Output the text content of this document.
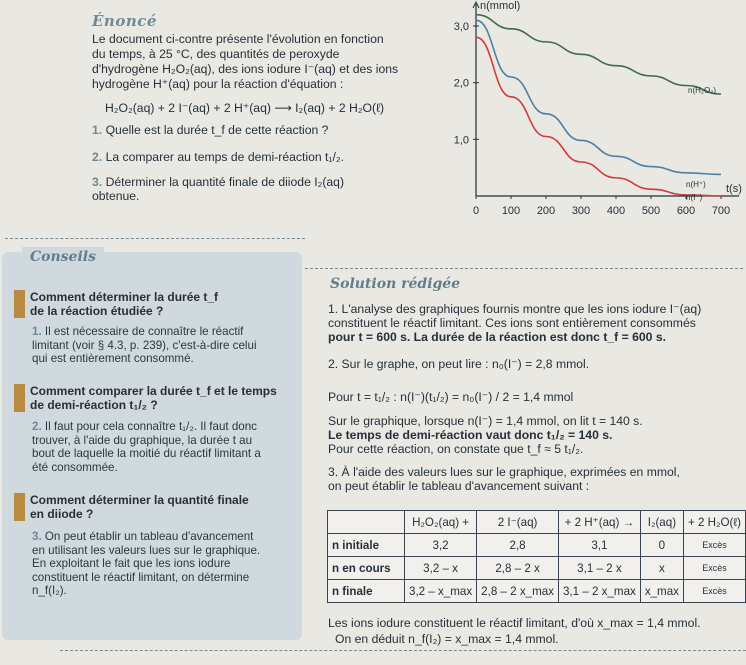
Énoncé
Le document ci-contre présente l'évolution en fonction
du temps, à 25 °C, des quantités de peroxyde
d'hydrogène H₂O₂(aq), des ions iodure I⁻(aq) et des ions
hydrogène H⁺(aq) pour la réaction d'équation :
H₂O₂(aq) + 2 I⁻(aq) + 2 H⁺(aq) ⟶ I₂(aq) + 2 H₂O(ℓ)
1. Quelle est la durée t_f de cette réaction ?
2. La comparer au temps de demi-réaction t₁/₂.
3. Déterminer la quantité finale de diiode I₂(aq)
obtenue.
n(mmol)
t(s)
0 100 200 300 400 500 600 700
1,0
2,0
3,0
n(H₂O₂)
n(H⁺)
n(I⁻)
Conseils
Comment déterminer la durée t_f
de la réaction étudiée ?
1. Il est nécessaire de connaître le réactif
limitant (voir § 4.3, p. 239), c'est-à-dire celui
qui est entièrement consommé.
Comment comparer la durée t_f et le temps
de demi-réaction t₁/₂ ?
2. Il faut pour cela connaître t₁/₂. Il faut donc
trouver, à l'aide du graphique, la durée t au
bout de laquelle la moitié du réactif limitant a
été consommée.
Comment déterminer la quantité finale
en diiode ?
3. On peut établir un tableau d'avancement
en utilisant les valeurs lues sur le graphique.
En exploitant le fait que les ions iodure
constituent le réactif limitant, on détermine
n_f(I₂).
Solution rédigée
1. L'analyse des graphiques fournis montre que les ions iodure I⁻(aq)
constituent le réactif limitant. Ces ions sont entièrement consommés
pour t = 600 s. La durée de la réaction est donc t_f = 600 s.
2. Sur le graphe, on peut lire : n₀(I⁻) = 2,8 mmol.
Pour t = t₁/₂ : n(I⁻)(t₁/₂) = n₀(I⁻) / 2 = 1,4 mmol
Sur le graphique, lorsque n(I⁻) = 1,4 mmol, on lit t = 140 s.
Le temps de demi-réaction vaut donc t₁/₂ = 140 s.
Pour cette réaction, on constate que t_f ≈ 5 t₁/₂.
3. À l'aide des valeurs lues sur le graphique, exprimées en mmol,
on peut établir le tableau d'avancement suivant :
	H₂O₂(aq) +	2 I⁻(aq)	+ 2 H⁺(aq) →	I₂(aq)	+ 2 H₂O(ℓ)
n initiale	3,2	2,8	3,1	0	Excès
n en cours	3,2 – x	2,8 – 2 x	3,1 – 2 x	x	Excès
n finale	3,2 – x_max	2,8 – 2 x_max	3,1 – 2 x_max	x_max	Excès
Les ions iodure constituent le réactif limitant, d'où x_max = 1,4 mmol.
On en déduit n_f(I₂) = x_max = 1,4 mmol.
